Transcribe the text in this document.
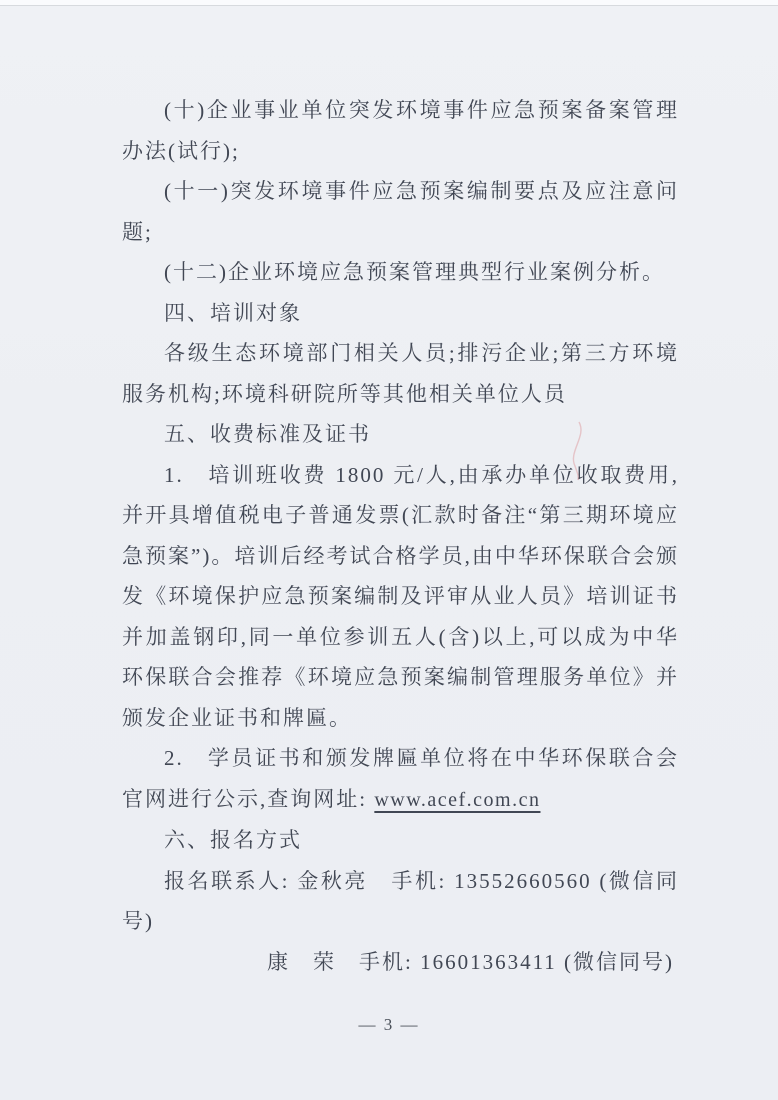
(十)企业事业单位突发环境事件应急预案备案管理办法(试行);

(十一)突发环境事件应急预案编制要点及应注意问题;

(十二)企业环境应急预案管理典型行业案例分析。

四、培训对象

各级生态环境部门相关人员;排污企业;第三方环境服务机构;环境科研院所等其他相关单位人员

五、收费标准及证书

1.　培训班收费 1800 元/人,由承办单位收取费用,并开具增值税电子普通发票(汇款时备注“第三期环境应急预案”)。培训后经考试合格学员,由中华环保联合会颁发《环境保护应急预案编制及评审从业人员》培训证书并加盖钢印,同一单位参训五人(含)以上,可以成为中华环保联合会推荐《环境应急预案编制管理服务单位》并颁发企业证书和牌匾。

2.　学员证书和颁发牌匾单位将在中华环保联合会官网进行公示,查询网址: www.acef.com.cn

六、报名方式

报名联系人: 金秋亮　手机: 13552660560 (微信同号)

康　荣　手机: 16601363411 (微信同号)

— 3 —
